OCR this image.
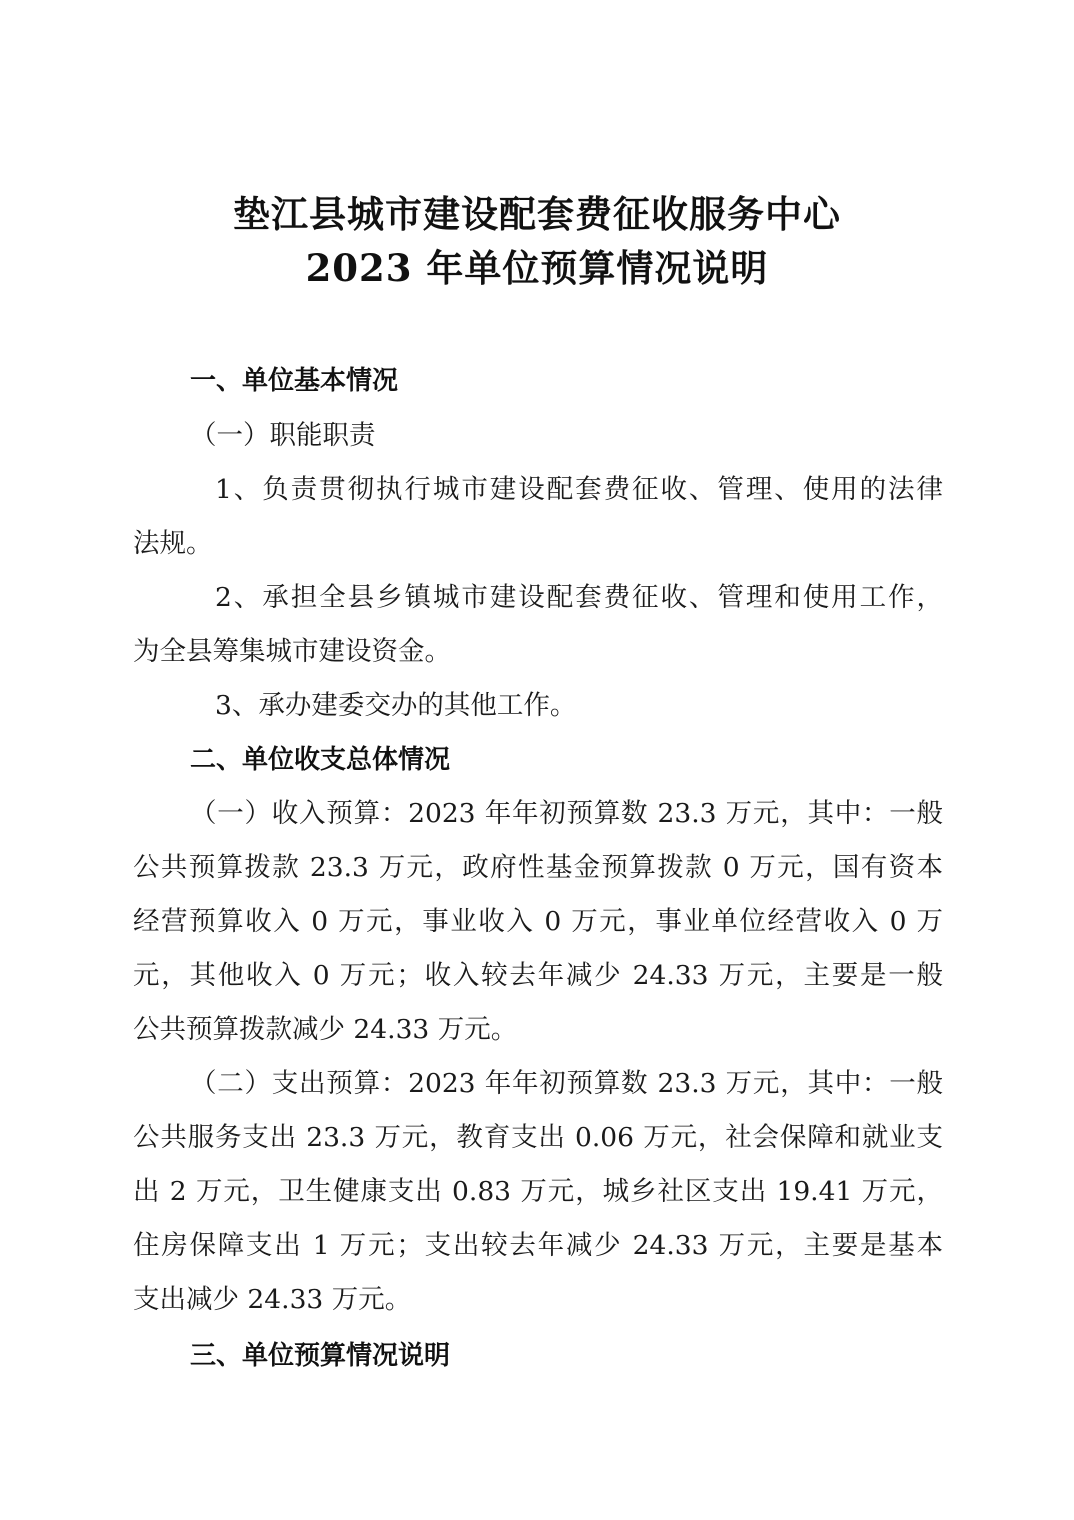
垫江县城市建设配套费征收服务中心
2023 年单位预算情况说明
一、单位基本情况
（一）职能职责
1、负责贯彻执行城市建设配套费征收、管理、使用的法律
法规。
2、承担全县乡镇城市建设配套费征收、管理和使用工作，
为全县筹集城市建设资金。
3、承办建委交办的其他工作。
二、单位收支总体情况
（一）收入预算：2023 年年初预算数 23.3 万元，其中：一般
公共预算拨款 23.3 万元，政府性基金预算拨款 0 万元，国有资本
经营预算收入 0 万元，事业收入 0 万元，事业单位经营收入 0 万
元，其他收入 0 万元；收入较去年减少 24.33 万元，主要是一般
公共预算拨款减少 24.33 万元。
（二）支出预算：2023 年年初预算数 23.3 万元，其中：一般
公共服务支出 23.3 万元，教育支出 0.06 万元，社会保障和就业支
出 2 万元，卫生健康支出 0.83 万元，城乡社区支出 19.41 万元，
住房保障支出 1 万元；支出较去年减少 24.33 万元，主要是基本
支出减少 24.33 万元。
三、单位预算情况说明
